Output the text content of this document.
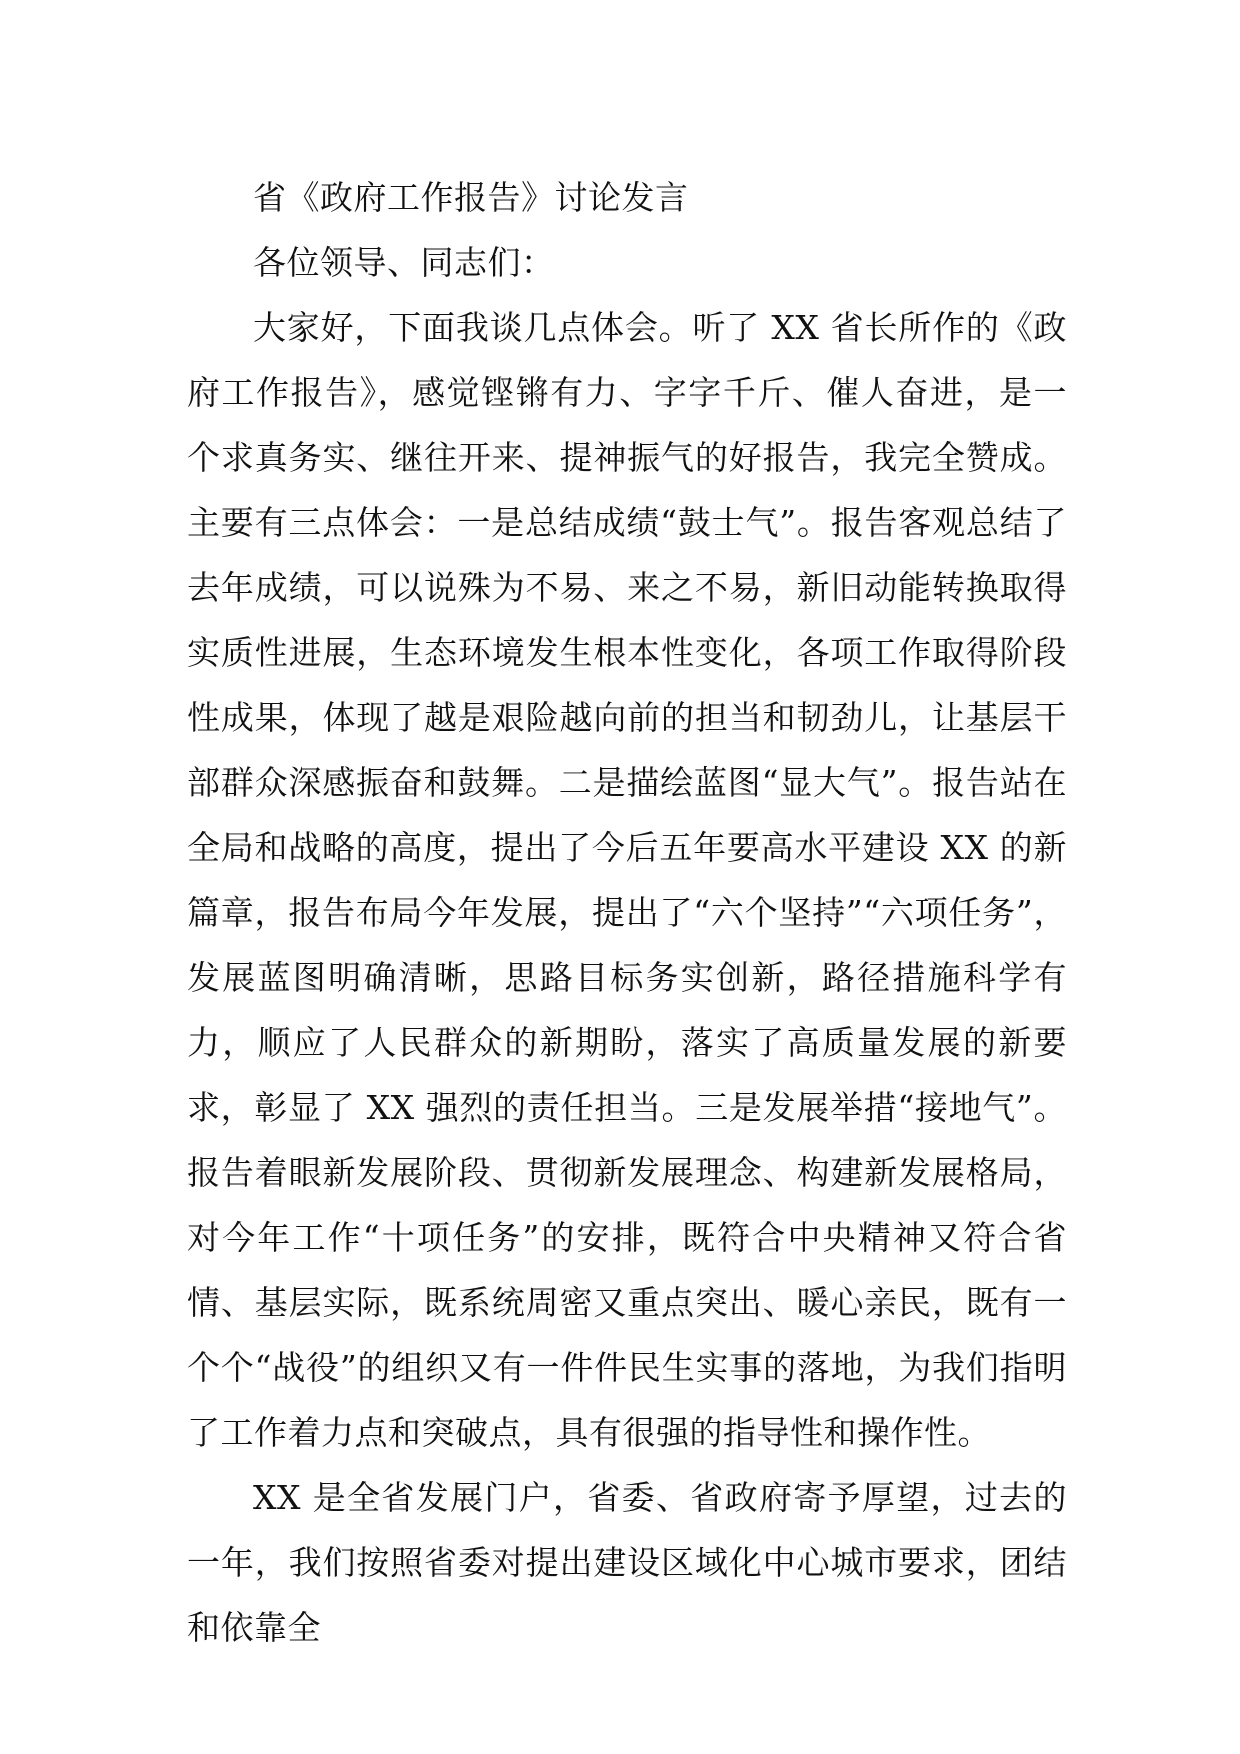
省《政府工作报告》讨论发言

各位领导、同志们：

大家好，下面我谈几点体会。听了 XX 省长所作的《政府工作报告》，感觉铿锵有力、字字千斤、催人奋进，是一个求真务实、继往开来、提神振气的好报告，我完全赞成。主要有三点体会：一是总结成绩“鼓士气”。报告客观总结了去年成绩，可以说殊为不易、来之不易，新旧动能转换取得实质性进展，生态环境发生根本性变化，各项工作取得阶段性成果，体现了越是艰险越向前的担当和韧劲儿，让基层干部群众深感振奋和鼓舞。二是描绘蓝图“显大气”。报告站在全局和战略的高度，提出了今后五年要高水平建设 XX 的新篇章，报告布局今年发展，提出了“六个坚持”“六项任务”，发展蓝图明确清晰，思路目标务实创新，路径措施科学有力，顺应了人民群众的新期盼，落实了高质量发展的新要求，彰显了 XX 强烈的责任担当。三是发展举措“接地气”。报告着眼新发展阶段、贯彻新发展理念、构建新发展格局，对今年工作“十项任务”的安排，既符合中央精神又符合省情、基层实际，既系统周密又重点突出、暖心亲民，既有一个个“战役”的组织又有一件件民生实事的落地，为我们指明了工作着力点和突破点，具有很强的指导性和操作性。

XX 是全省发展门户，省委、省政府寄予厚望，过去的一年，我们按照省委对提出建设区域化中心城市要求，团结和依靠全
